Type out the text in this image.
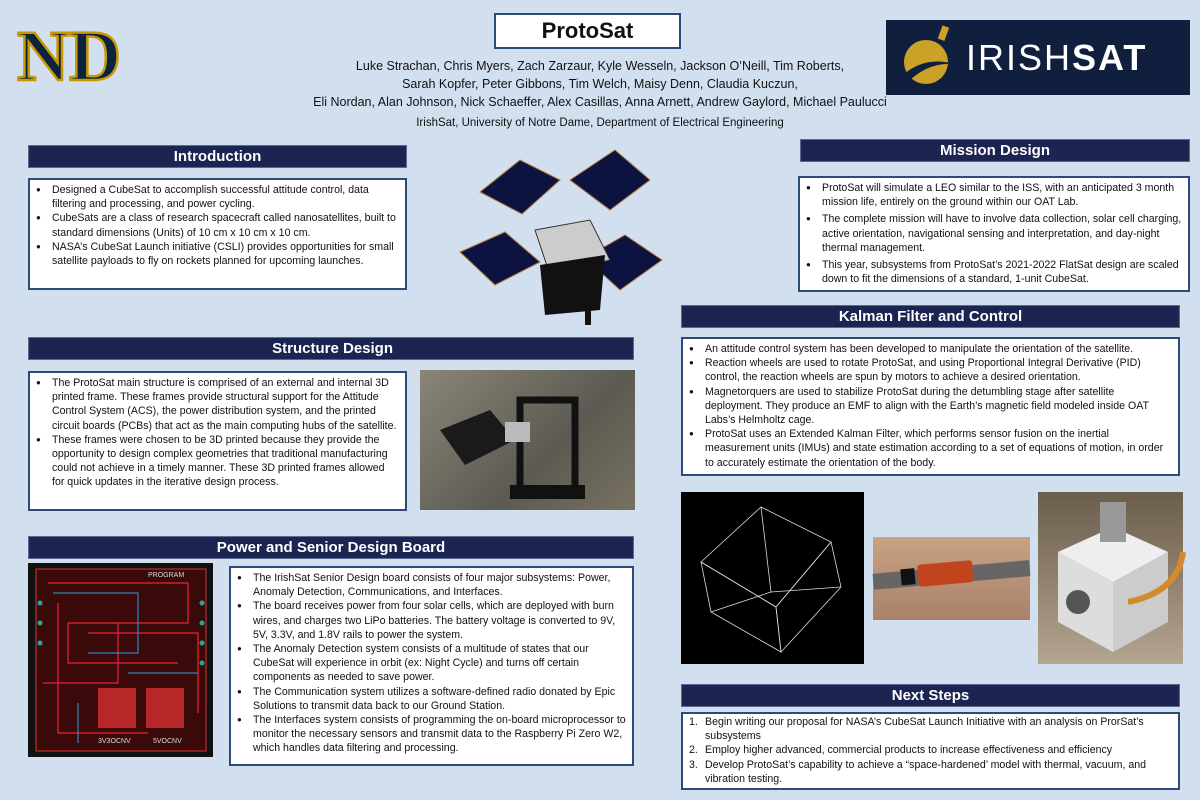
ND	ProtoSat
Luke Strachan, Chris Myers, Zach Zarzaur, Kyle Wesseln, Jackson O’Neill, Tim Roberts,
Sarah Kopfer, Peter Gibbons, Tim Welch, Maisy Denn, Claudia Kuczun,
Eli Nordan, Alan Johnson, Nick Schaeffer, Alex Casillas, Anna Arnett, Andrew Gaylord, Michael Paulucci
IrishSat, University of Notre Dame, Department of Electrical Engineering
IRISHSAT
Introduction
● Designed a CubeSat to accomplish successful attitude control, data filtering and processing, and power cycling.
● CubeSats are a class of research spacecraft called nanosatellites, built to standard dimensions (Units) of 10 cm x 10 cm x 10 cm.
● NASA’s CubeSat Launch initiative (CSLI) provides opportunities for small satellite payloads to fly on rockets planned for upcoming launches.
Mission Design
● ProtoSat will simulate a LEO similar to the ISS, with an anticipated 3 month mission life, entirely on the ground within our OAT Lab.
● The complete mission will have to involve data collection, solar cell charging, active orientation, navigational sensing and interpretation, and day-night thermal management.
● This year, subsystems from ProtoSat’s 2021-2022 FlatSat design are scaled down to fit the dimensions of a standard, 1-unit CubeSat.
Structure Design
● The ProtoSat main structure is comprised of an external and internal 3D printed frame. These frames provide structural support for the Attitude Control System (ACS), the power distribution system, and the printed circuit boards (PCBs) that act as the main computing hubs of the satellite.
● These frames were chosen to be 3D printed because they provide the opportunity to design complex geometries that traditional manufacturing could not achieve in a timely manner. These 3D printed frames allowed for quick updates in the iterative design process.
Kalman Filter and Control
● An attitude control system has been developed to manipulate the orientation of the satellite.
● Reaction wheels are used to rotate ProtoSat, and using Proportional Integral Derivative (PID) control, the reaction wheels are spun by motors to achieve a desired orientation.
● Magnetorquers are used to stabilize ProtoSat during the detumbling stage after satellite deployment. They produce an EMF to align with the Earth’s magnetic field modeled inside OAT Labs’s Helmholtz cage.
● ProtoSat uses an Extended Kalman Filter, which performs sensor fusion on the inertial measurement units (IMUs) and state estimation according to a set of equations of motion, in order to accurately estimate the orientation of the body.
Power and Senior Design Board
PROGRAM
3V3OCNV	5VOCNV
● The IrishSat Senior Design board consists of four major subsystems: Power, Anomaly Detection, Communications, and Interfaces.
● The board receives power from four solar cells, which are deployed with burn wires, and charges two LiPo batteries. The battery voltage is converted to 9V, 5V, 3.3V, and 1.8V rails to power the system.
● The Anomaly Detection system consists of a multitude of states that our CubeSat will experience in orbit (ex: Night Cycle) and turns off certain components as needed to save power.
● The Communication system utilizes a software-defined radio donated by Epic Solutions to transmit data back to our Ground Station.
● The Interfaces system consists of programming the on-board microprocessor to monitor the necessary sensors and transmit data to the Raspberry Pi Zero W2, which handles data filtering and processing.
Next Steps
1. Begin writing our proposal for NASA’s CubeSat Launch Initiative with an analysis on ProrSat’s subsystems
2. Employ higher advanced, commercial products to increase effectiveness and efficiency
3. Develop ProtoSat’s capability to achieve a “space-hardened’ model with thermal, vacuum, and vibration testing.
